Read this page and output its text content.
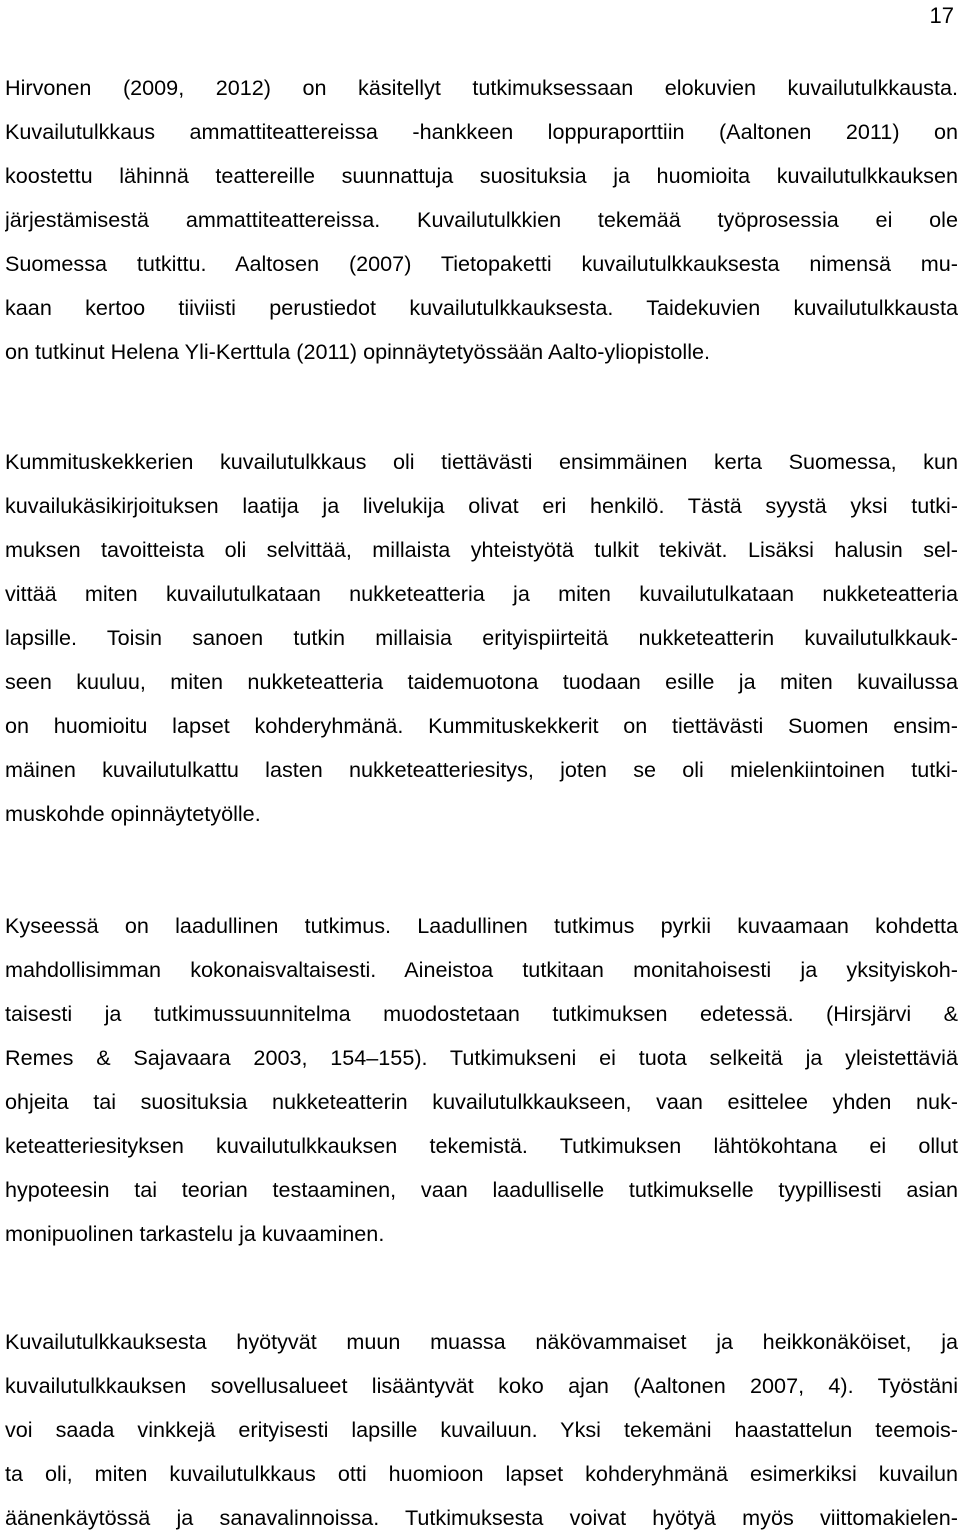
17
Hirvonen (2009, 2012) on käsitellyt tutkimuksessaan elokuvien kuvailutulkkausta.
Kuvailutulkkaus ammattiteattereissa -hankkeen loppuraporttiin (Aaltonen 2011) on
koostettu lähinnä teattereille suunnattuja suosituksia ja huomioita kuvailutulkkauksen
järjestämisestä ammattiteattereissa. Kuvailutulkkien tekemää työprosessia ei ole
Suomessa tutkittu. Aaltosen (2007) Tietopaketti kuvailutulkkauksesta nimensä mu-
kaan kertoo tiiviisti perustiedot kuvailutulkkauksesta. Taidekuvien kuvailutulkkausta
on tutkinut Helena Yli-Kerttula (2011) opinnäytetyössään Aalto-yliopistolle.
Kummituskekkerien kuvailutulkkaus oli tiettävästi ensimmäinen kerta Suomessa, kun
kuvailukäsikirjoituksen laatija ja livelukija olivat eri henkilö. Tästä syystä yksi tutki-
muksen tavoitteista oli selvittää, millaista yhteistyötä tulkit tekivät. Lisäksi halusin sel-
vittää miten kuvailutulkataan nukketeatteria ja miten kuvailutulkataan nukketeatteria
lapsille. Toisin sanoen tutkin millaisia erityispiirteitä nukketeatterin kuvailutulkkauk-
seen kuuluu, miten nukketeatteria taidemuotona tuodaan esille ja miten kuvailussa
on huomioitu lapset kohderyhmänä. Kummituskekkerit on tiettävästi Suomen ensim-
mäinen kuvailutulkattu lasten nukketeatteriesitys, joten se oli mielenkiintoinen tutki-
muskohde opinnäytetyölle.
Kyseessä on laadullinen tutkimus. Laadullinen tutkimus pyrkii kuvaamaan kohdetta
mahdollisimman kokonaisvaltaisesti. Aineistoa tutkitaan monitahoisesti ja yksityiskoh-
taisesti ja tutkimussuunnitelma muodostetaan tutkimuksen edetessä. (Hirsjärvi &
Remes & Sajavaara 2003, 154–155). Tutkimukseni ei tuota selkeitä ja yleistettäviä
ohjeita tai suosituksia nukketeatterin kuvailutulkkaukseen, vaan esittelee yhden nuk-
keteatteriesityksen kuvailutulkkauksen tekemistä. Tutkimuksen lähtökohtana ei ollut
hypoteesin tai teorian testaaminen, vaan laadulliselle tutkimukselle tyypillisesti asian
monipuolinen tarkastelu ja kuvaaminen.
Kuvailutulkkauksesta hyötyvät muun muassa näkövammaiset ja heikkonäköiset, ja
kuvailutulkkauksen sovellusalueet lisääntyvät koko ajan (Aaltonen 2007, 4). Työstäni
voi saada vinkkejä erityisesti lapsille kuvailuun. Yksi tekemäni haastattelun teemois-
ta oli, miten kuvailutulkkaus otti huomioon lapset kohderyhmänä esimerkiksi kuvailun
äänenkäytössä ja sanavalinnoissa. Tutkimuksesta voivat hyötyä myös viittomakielen-
